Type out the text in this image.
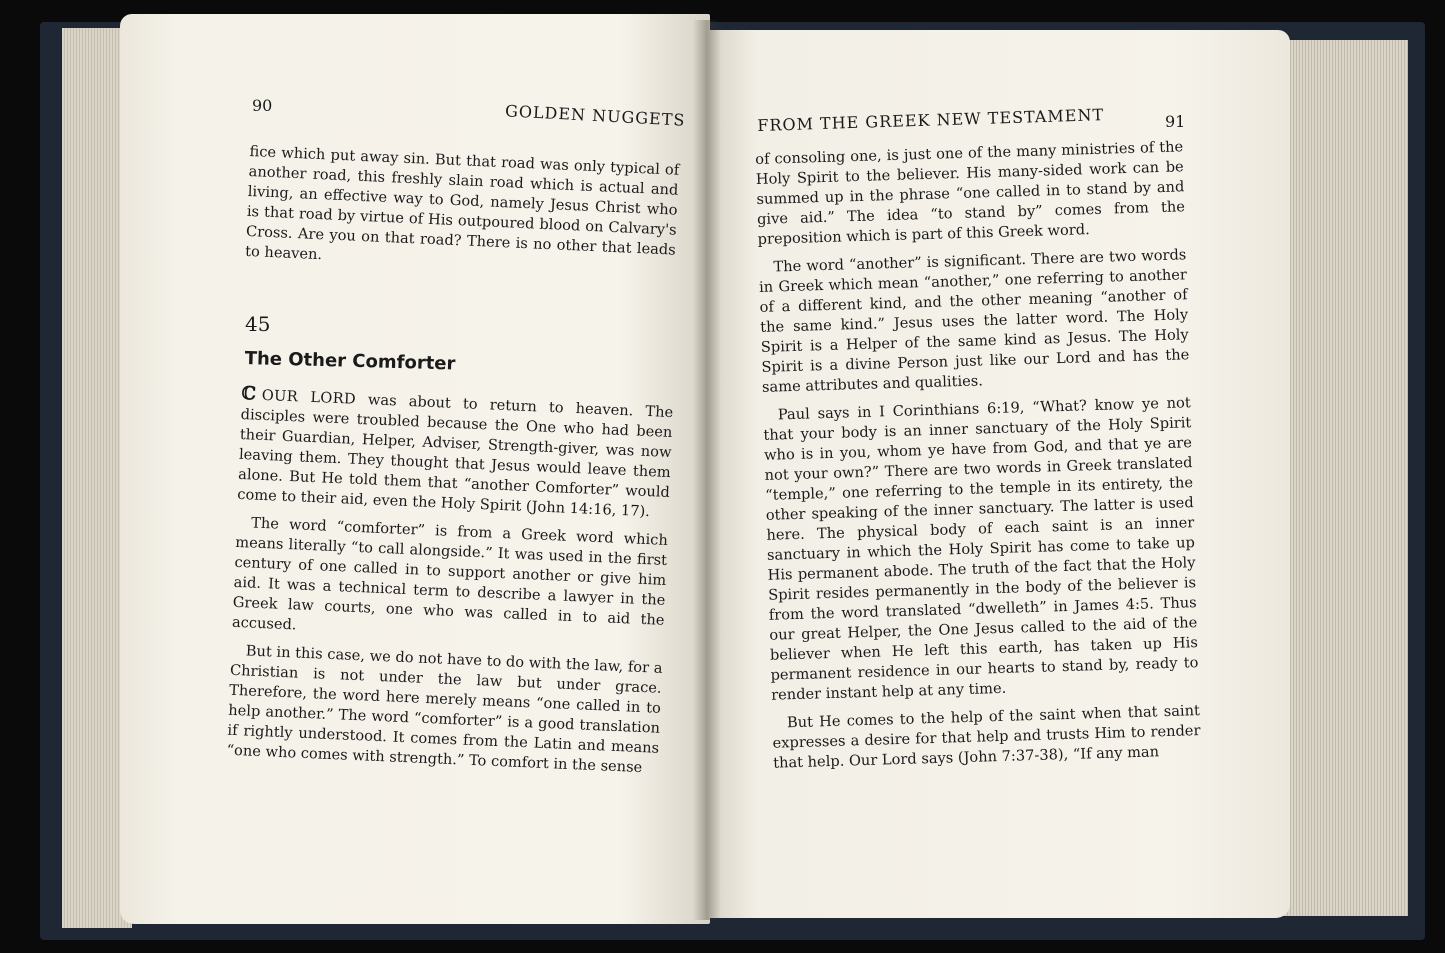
90	GOLDEN NUGGETS

fice which put away sin. But that road was only typical of another road, this freshly slain road which is actual and living, an effective way to God, namely Jesus Christ who is that road by virtue of His outpoured blood on Calvary's Cross. Are you on that road? There is no other that leads to heaven.

45
The Other Comforter

ℂ OUR LORD was about to return to heaven. The disciples were troubled because the One who had been their Guardian, Helper, Adviser, Strength-giver, was now leaving them. They thought that Jesus would leave them alone. But He told them that “another Comforter” would come to their aid, even the Holy Spirit (John 14:16, 17).

The word “comforter” is from a Greek word which means literally “to call alongside.” It was used in the first century of one called in to support another or give him aid. It was a technical term to describe a lawyer in the Greek law courts, one who was called in to aid the accused.

But in this case, we do not have to do with the law, for a Christian is not under the law but under grace. Therefore, the word here merely means “one called in to help another.” The word “comforter” is a good translation if rightly understood. It comes from the Latin and means “one who comes with strength.” To comfort in the sense

FROM THE GREEK NEW TESTAMENT	91

of consoling one, is just one of the many ministries of the Holy Spirit to the believer. His many-sided work can be summed up in the phrase “one called in to stand by and give aid.” The idea “to stand by” comes from the preposition which is part of this Greek word.

The word “another” is significant. There are two words in Greek which mean “another,” one referring to another of a different kind, and the other meaning “another of the same kind.” Jesus uses the latter word. The Holy Spirit is a Helper of the same kind as Jesus. The Holy Spirit is a divine Person just like our Lord and has the same attributes and qualities.

Paul says in I Corinthians 6:19, “What? know ye not that your body is an inner sanctuary of the Holy Spirit who is in you, whom ye have from God, and that ye are not your own?” There are two words in Greek translated “temple,” one referring to the temple in its entirety, the other speaking of the inner sanctuary. The latter is used here. The physical body of each saint is an inner sanctuary in which the Holy Spirit has come to take up His permanent abode. The truth of the fact that the Holy Spirit resides permanently in the body of the believer is from the word translated “dwelleth” in James 4:5. Thus our great Helper, the One Jesus called to the aid of the believer when He left this earth, has taken up His permanent residence in our hearts to stand by, ready to render instant help at any time.

But He comes to the help of the saint when that saint expresses a desire for that help and trusts Him to render that help. Our Lord says (John 7:37-38), “If any man
